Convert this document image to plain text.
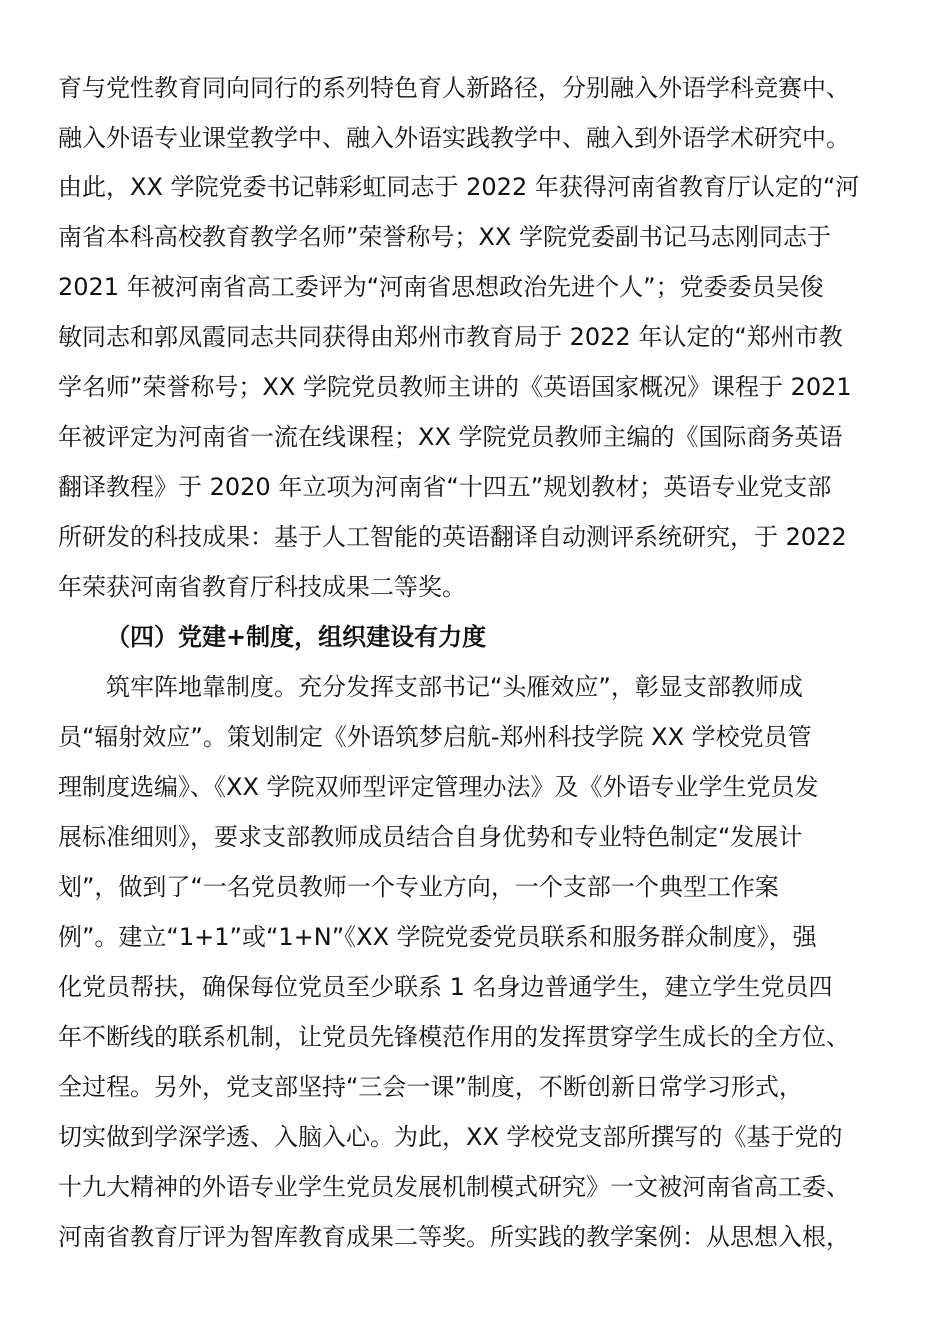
育与党性教育同向同行的系列特色育人新路径，分别融入外语学科竞赛中、
融入外语专业课堂教学中、融入外语实践教学中、融入到外语学术研究中。
由此，XX 学院党委书记韩彩虹同志于 2022 年获得河南省教育厅认定的“河
南省本科高校教育教学名师”荣誉称号；XX 学院党委副书记马志刚同志于
2021 年被河南省高工委评为“河南省思想政治先进个人”；党委委员吴俊
敏同志和郭凤霞同志共同获得由郑州市教育局于 2022 年认定的“郑州市教
学名师”荣誉称号；XX 学院党员教师主讲的《英语国家概况》课程于 2021
年被评定为河南省一流在线课程；XX 学院党员教师主编的《国际商务英语
翻译教程》于 2020 年立项为河南省“十四五”规划教材；英语专业党支部
所研发的科技成果：基于人工智能的英语翻译自动测评系统研究，于 2022
年荣获河南省教育厅科技成果二等奖。
（四）党建+制度，组织建设有力度
筑牢阵地靠制度。充分发挥支部书记“头雁效应”，彰显支部教师成
员“辐射效应”。策划制定《外语筑梦启航-郑州科技学院 XX 学校党员管
理制度选编》、《XX 学院双师型评定管理办法》及《外语专业学生党员发
展标准细则》，要求支部教师成员结合自身优势和专业特色制定“发展计
划”，做到了“一名党员教师一个专业方向，一个支部一个典型工作案
例”。建立“1+1”或“1+N”《XX 学院党委党员联系和服务群众制度》，强
化党员帮扶，确保每位党员至少联系 1 名身边普通学生，建立学生党员四
年不断线的联系机制，让党员先锋模范作用的发挥贯穿学生成长的全方位、
全过程。另外，党支部坚持“三会一课”制度，不断创新日常学习形式，
切实做到学深学透、入脑入心。为此，XX 学校党支部所撰写的《基于党的
十九大精神的外语专业学生党员发展机制模式研究》一文被河南省高工委、
河南省教育厅评为智库教育成果二等奖。所实践的教学案例：从思想入根，
